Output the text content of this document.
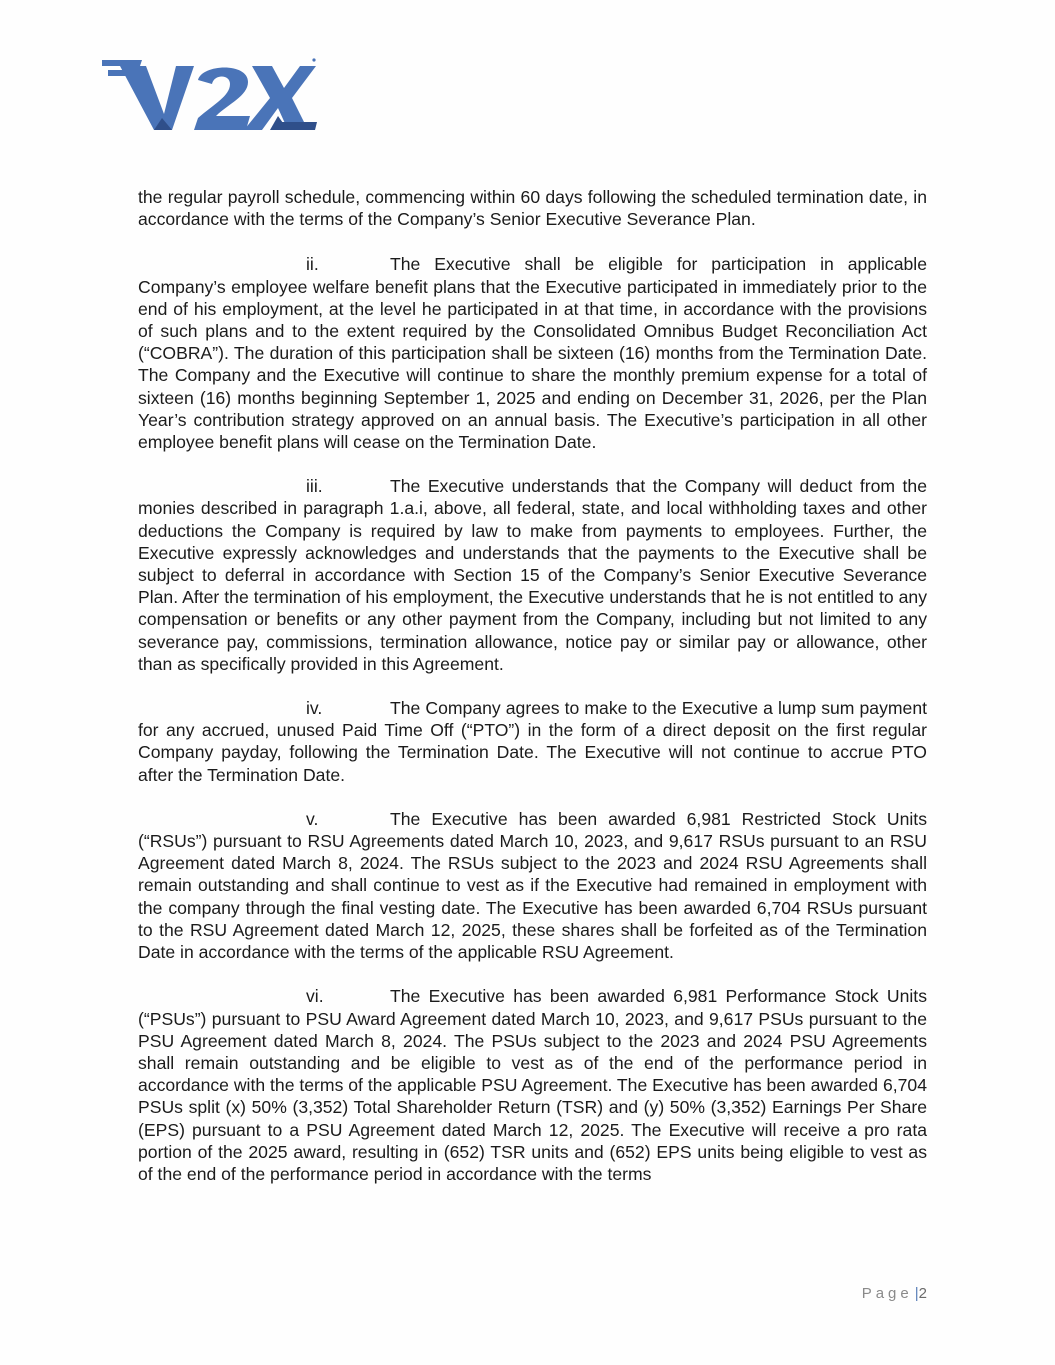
the regular payroll schedule, commencing within 60 days following the scheduled termination date, in accordance with the terms of the Company’s Senior Executive Severance Plan.

ii.	The Executive shall be eligible for participation in applicable Company’s employee welfare benefit plans that the Executive participated in immediately prior to the end of his employment, at the level he participated in at that time, in accordance with the provisions of such plans and to the extent required by the Consolidated Omnibus Budget Reconciliation Act (“COBRA”). The duration of this participation shall be sixteen (16) months from the Termination Date. The Company and the Executive will continue to share the monthly premium expense for a total of sixteen (16) months beginning September 1, 2025 and ending on December 31, 2026, per the Plan Year’s contribution strategy approved on an annual basis. The Executive’s participation in all other employee benefit plans will cease on the Termination Date.

iii.	The Executive understands that the Company will deduct from the monies described in paragraph 1.a.i, above, all federal, state, and local withholding taxes and other deductions the Company is required by law to make from payments to employees. Further, the Executive expressly acknowledges and understands that the payments to the Executive shall be subject to deferral in accordance with Section 15 of the Company’s Senior Executive Severance Plan. After the termination of his employment, the Executive understands that he is not entitled to any compensation or benefits or any other payment from the Company, including but not limited to any severance pay, commissions, termination allowance, notice pay or similar pay or allowance, other than as specifically provided in this Agreement.

iv.	The Company agrees to make to the Executive a lump sum payment for any accrued, unused Paid Time Off (“PTO”) in the form of a direct deposit on the first regular Company payday, following the Termination Date. The Executive will not continue to accrue PTO after the Termination Date.

v.	The Executive has been awarded 6,981 Restricted Stock Units (“RSUs”) pursuant to RSU Agreements dated March 10, 2023, and 9,617 RSUs pursuant to an RSU Agreement dated March 8, 2024. The RSUs subject to the 2023 and 2024 RSU Agreements shall remain outstanding and shall continue to vest as if the Executive had remained in employment with the company through the final vesting date. The Executive has been awarded 6,704 RSUs pursuant to the RSU Agreement dated March 12, 2025, these shares shall be forfeited as of the Termination Date in accordance with the terms of the applicable RSU Agreement.

vi.	The Executive has been awarded 6,981 Performance Stock Units (“PSUs”) pursuant to PSU Award Agreement dated March 10, 2023, and 9,617 PSUs pursuant to the PSU Agreement dated March 8, 2024. The PSUs subject to the 2023 and 2024 PSU Agreements shall remain outstanding and be eligible to vest as of the end of the performance period in accordance with the terms of the applicable PSU Agreement. The Executive has been awarded 6,704 PSUs split (x) 50% (3,352) Total Shareholder Return (TSR) and (y) 50% (3,352) Earnings Per Share (EPS) pursuant to a PSU Agreement dated March 12, 2025. The Executive will receive a pro rata portion of the 2025 award, resulting in (652) TSR units and (652) EPS units being eligible to vest as of the end of the performance period in accordance with the terms

Page |2
